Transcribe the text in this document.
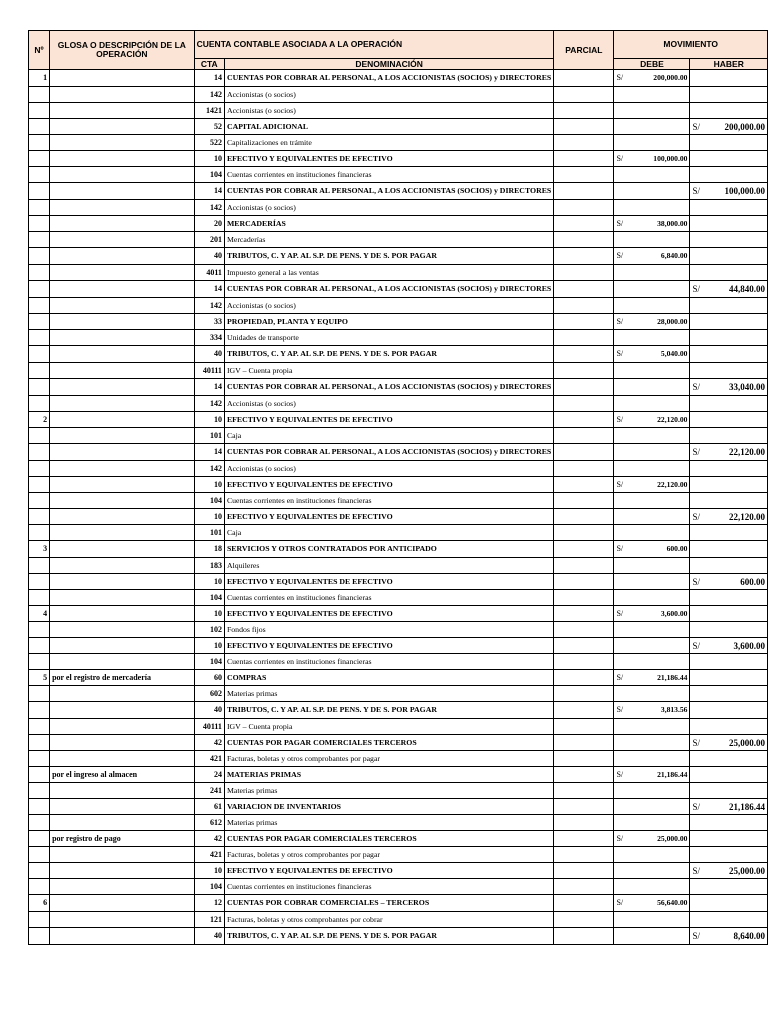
Nº	GLOSA O DESCRIPCIÓN DE LA OPERACIÓN	CUENTA CONTABLE ASOCIADA A LA OPERACIÓN		PARCIAL	MOVIMIENTO	
		CTA	DENOMINACIÓN		DEBE	HABER
1		14	CUENTAS POR COBRAR AL PERSONAL, A LOS ACCIONISTAS (SOCIOS) y DIRECTORES		S/ 200,000.00	

		142	Accionistas (o socios)			
		1421	Accionistas (o socios)			
		52	CAPITAL ADICIONAL			S/ 200,000.00

		522	Capitalizaciones en trámite			
		10	EFECTIVO Y EQUIVALENTES DE EFECTIVO		S/ 100,000.00	

		104	Cuentas corrientes en instituciones financieras			
		14	CUENTAS POR COBRAR AL PERSONAL, A LOS ACCIONISTAS (SOCIOS) y DIRECTORES			S/ 100,000.00

		142	Accionistas (o socios)			
		20	MERCADERÍAS		S/ 38,000.00	

		201	Mercaderías			
		40	TRIBUTOS, C. Y AP. AL S.P. DE PENS. Y DE S. POR PAGAR		S/ 6,840.00	

		4011	Impuesto general a las ventas			
		14	CUENTAS POR COBRAR AL PERSONAL, A LOS ACCIONISTAS (SOCIOS) y DIRECTORES			S/ 44,840.00

		142	Accionistas (o socios)			
		33	PROPIEDAD, PLANTA Y EQUIPO		S/ 28,000.00	

		334	Unidades de transporte			
		40	TRIBUTOS, C. Y AP. AL S.P. DE PENS. Y DE S. POR PAGAR		S/ 5,040.00	

		40111	IGV – Cuenta propia			
		14	CUENTAS POR COBRAR AL PERSONAL, A LOS ACCIONISTAS (SOCIOS) y DIRECTORES			S/ 33,040.00

		142	Accionistas (o socios)			
2		10	EFECTIVO Y EQUIVALENTES DE EFECTIVO		S/ 22,120.00	

		101	Caja			
		14	CUENTAS POR COBRAR AL PERSONAL, A LOS ACCIONISTAS (SOCIOS) y DIRECTORES			S/ 22,120.00

		142	Accionistas (o socios)			
		10	EFECTIVO Y EQUIVALENTES DE EFECTIVO		S/ 22,120.00	

		104	Cuentas corrientes en instituciones financieras			
		10	EFECTIVO Y EQUIVALENTES DE EFECTIVO			S/ 22,120.00

		101	Caja			
3		18	SERVICIOS Y OTROS CONTRATADOS POR ANTICIPADO		S/ 600.00	

		183	Alquileres			
		10	EFECTIVO Y EQUIVALENTES DE EFECTIVO			S/ 600.00

		104	Cuentas corrientes en instituciones financieras			
4		10	EFECTIVO Y EQUIVALENTES DE EFECTIVO		S/ 3,600.00	

		102	Fondos fijos			
		10	EFECTIVO Y EQUIVALENTES DE EFECTIVO			S/ 3,600.00

		104	Cuentas corrientes en instituciones financieras			
5	por el registro de mercadería	60	COMPRAS		S/ 21,186.44	

		602	Materias primas			
		40	TRIBUTOS, C. Y AP. AL S.P. DE PENS. Y DE S. POR PAGAR		S/ 3,813.56	

		40111	IGV – Cuenta propia			
		42	CUENTAS POR PAGAR COMERCIALES TERCEROS			S/ 25,000.00

		421	Facturas, boletas y otros comprobantes por pagar			
	por el ingreso al almacen	24	MATERIAS PRIMAS		S/ 21,186.44	

		241	Materias primas			
		61	VARIACION DE INVENTARIOS			S/ 21,186.44

		612	Materias primas			
	por registro de pago	42	CUENTAS POR PAGAR COMERCIALES TERCEROS		S/ 25,000.00	

		421	Facturas, boletas y otros comprobantes por pagar			
		10	EFECTIVO Y EQUIVALENTES DE EFECTIVO			S/ 25,000.00

		104	Cuentas corrientes en instituciones financieras			
6		12	CUENTAS POR COBRAR COMERCIALES – TERCEROS		S/ 56,640.00	

		121	Facturas, boletas y otros comprobantes por cobrar			
		40	TRIBUTOS, C. Y AP. AL S.P. DE PENS. Y DE S. POR PAGAR			S/ 8,640.00
